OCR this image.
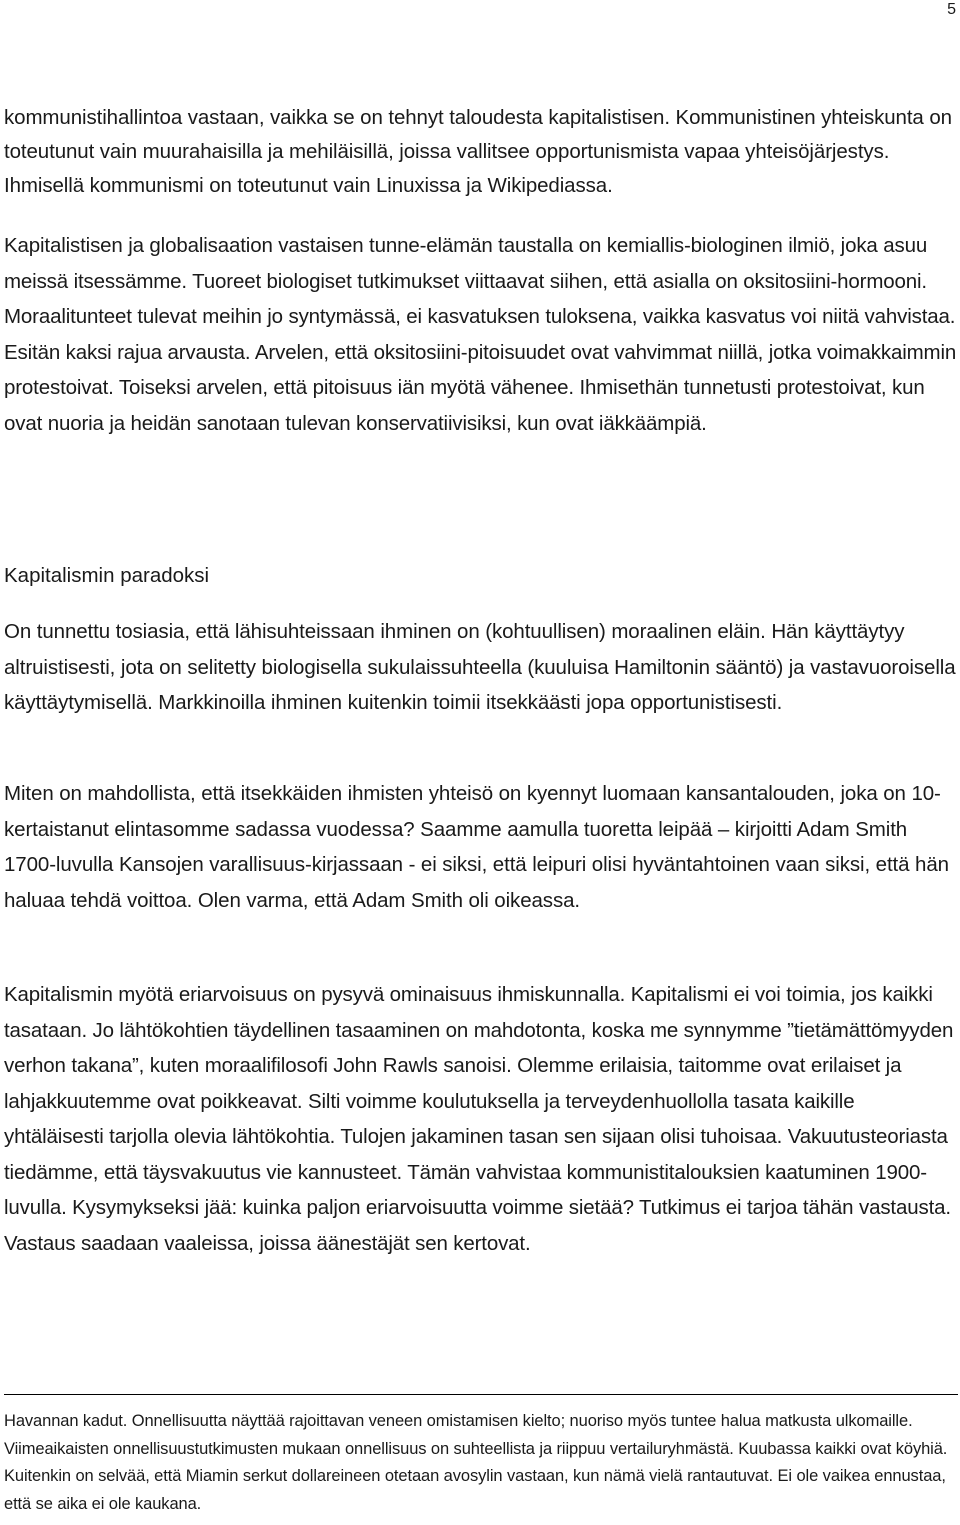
5

kommunistihallintoa vastaan, vaikka se on tehnyt taloudesta kapitalistisen. Kommunistinen yhteiskunta on toteutunut vain muurahaisilla ja mehiläisillä, joissa vallitsee opportunismista vapaa yhteisöjärjestys. Ihmisellä kommunismi on toteutunut vain Linuxissa ja Wikipediassa.

Kapitalistisen ja globalisaation vastaisen tunne-elämän taustalla on kemiallis-biologinen ilmiö, joka asuu meissä itsessämme. Tuoreet biologiset tutkimukset viittaavat siihen, että asialla on oksitosiini-hormooni. Moraalitunteet tulevat meihin jo syntymässä, ei kasvatuksen tuloksena, vaikka kasvatus voi niitä vahvistaa. Esitän kaksi rajua arvausta. Arvelen, että oksitosiini-pitoisuudet ovat vahvimmat niillä, jotka voimakkaimmin protestoivat. Toiseksi arvelen, että pitoisuus iän myötä vähenee. Ihmisethän tunnetusti protestoivat, kun ovat nuoria ja heidän sanotaan tulevan konservatiivisiksi, kun ovat iäkkäämpiä.

Kapitalismin paradoksi

On tunnettu tosiasia, että lähisuhteissaan ihminen on (kohtuullisen) moraalinen eläin. Hän käyttäytyy altruistisesti, jota on selitetty biologisella sukulaissuhteella (kuuluisa Hamiltonin sääntö) ja vastavuoroisella käyttäytymisellä. Markkinoilla ihminen kuitenkin toimii itsekkäästi jopa opportunistisesti.

Miten on mahdollista, että itsekkäiden ihmisten yhteisö on kyennyt luomaan kansantalouden, joka on 10-kertaistanut elintasomme sadassa vuodessa? Saamme aamulla tuoretta leipää – kirjoitti Adam Smith 1700-luvulla Kansojen varallisuus-kirjassaan - ei siksi, että leipuri olisi hyväntahtoinen vaan siksi, että hän haluaa tehdä voittoa. Olen varma, että Adam Smith oli oikeassa.

Kapitalismin myötä eriarvoisuus on pysyvä ominaisuus ihmiskunnalla. Kapitalismi ei voi toimia, jos kaikki tasataan. Jo lähtökohtien täydellinen tasaaminen on mahdotonta, koska me synnymme ”tietämättömyyden verhon takana”, kuten moraalifilosofi John Rawls sanoisi. Olemme erilaisia, taitomme ovat erilaiset ja lahjakkuutemme ovat poikkeavat. Silti voimme koulutuksella ja terveydenhuollolla tasata kaikille yhtäläisesti tarjolla olevia lähtökohtia. Tulojen jakaminen tasan sen sijaan olisi tuhoisaa. Vakuutusteoriasta tiedämme, että täysvakuutus vie kannusteet. Tämän vahvistaa kommunistitalouksien kaatuminen 1900-luvulla. Kysymykseksi jää: kuinka paljon eriarvoisuutta voimme sietää? Tutkimus ei tarjoa tähän vastausta. Vastaus saadaan vaaleissa, joissa äänestäjät sen kertovat.

Havannan kadut. Onnellisuutta näyttää rajoittavan veneen omistamisen kielto; nuoriso myös tuntee halua matkusta ulkomaille. Viimeaikaisten onnellisuustutkimusten mukaan onnellisuus on suhteellista ja riippuu vertailuryhmästä. Kuubassa kaikki ovat köyhiä. Kuitenkin on selvää, että Miamin serkut dollareineen otetaan avosylin vastaan, kun nämä vielä rantautuvat. Ei ole vaikea ennustaa, että se aika ei ole kaukana.
